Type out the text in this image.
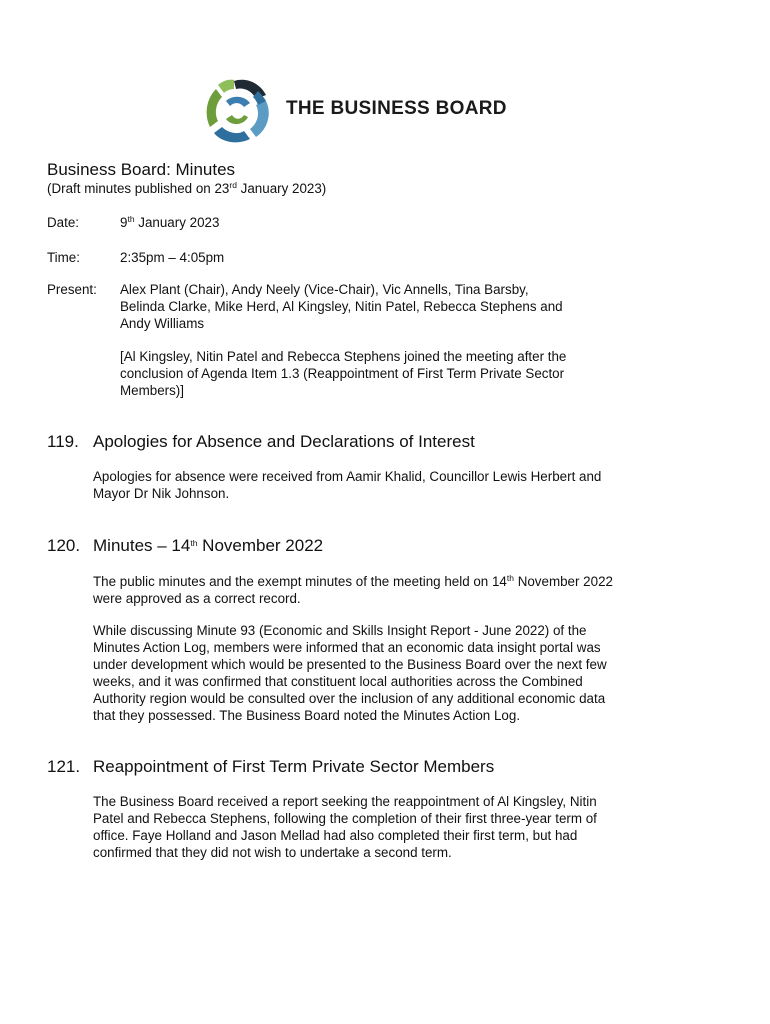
THE BUSINESS BOARD
Business Board: Minutes
(Draft minutes published on 23rd January 2023)
Date:	9th January 2023
Time:	2:35pm – 4:05pm
Present: Alex Plant (Chair), Andy Neely (Vice-Chair), Vic Annells, Tina Barsby,
Belinda Clarke, Mike Herd, Al Kingsley, Nitin Patel, Rebecca Stephens and
Andy Williams
[Al Kingsley, Nitin Patel and Rebecca Stephens joined the meeting after the
conclusion of Agenda Item 1.3 (Reappointment of First Term Private Sector
Members)]
119. Apologies for Absence and Declarations of Interest
Apologies for absence were received from Aamir Khalid, Councillor Lewis Herbert and
Mayor Dr Nik Johnson.
120. Minutes – 14th November 2022
The public minutes and the exempt minutes of the meeting held on 14th November 2022
were approved as a correct record.
While discussing Minute 93 (Economic and Skills Insight Report - June 2022) of the
Minutes Action Log, members were informed that an economic data insight portal was
under development which would be presented to the Business Board over the next few
weeks, and it was confirmed that constituent local authorities across the Combined
Authority region would be consulted over the inclusion of any additional economic data
that they possessed. The Business Board noted the Minutes Action Log.
121. Reappointment of First Term Private Sector Members
The Business Board received a report seeking the reappointment of Al Kingsley, Nitin
Patel and Rebecca Stephens, following the completion of their first three-year term of
office. Faye Holland and Jason Mellad had also completed their first term, but had
confirmed that they did not wish to undertake a second term.
